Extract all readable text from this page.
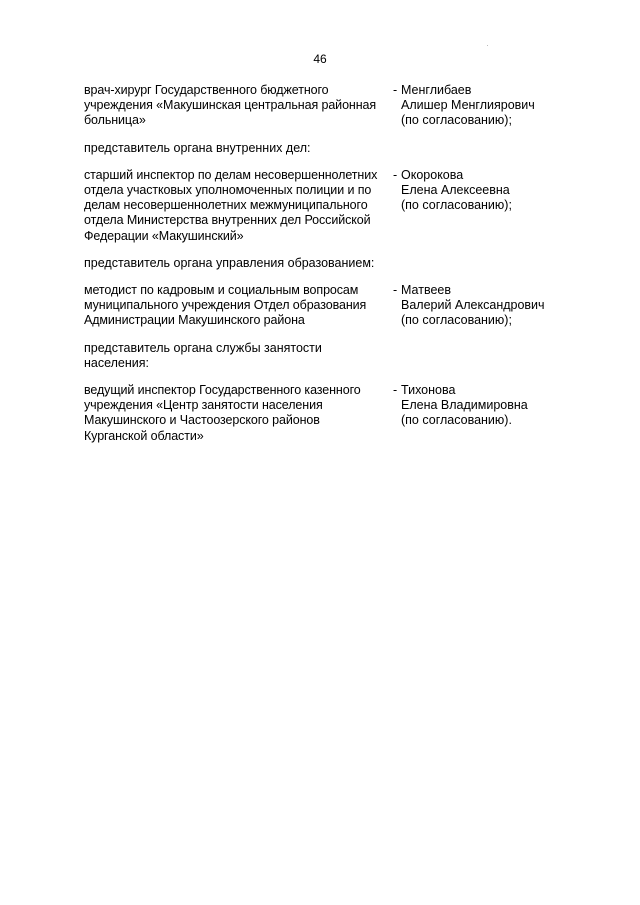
46
врач-хирург Государственного бюджетного
учреждения «Макушинская центральная районная
больница»
- Менглибаев
Алишер Менглиярович
(по согласованию);
представитель органа внутренних дел:
старший инспектор по делам несовершеннолетних
отдела участковых уполномоченных полиции и по
делам несовершеннолетних межмуниципального
отдела Министерства внутренних дел Российской
Федерации «Макушинский»
- Окорокова
Елена Алексеевна
(по согласованию);
представитель органа управления образованием:
методист по кадровым и социальным вопросам
муниципального учреждения Отдел образования
Администрации Макушинского района
- Матвеев
Валерий Александрович
(по согласованию);
представитель органа службы занятости
населения:
ведущий инспектор Государственного казенного
учреждения «Центр занятости населения
Макушинского и Частоозерского районов
Курганской области»
- Тихонова
Елена Владимировна
(по согласованию).
